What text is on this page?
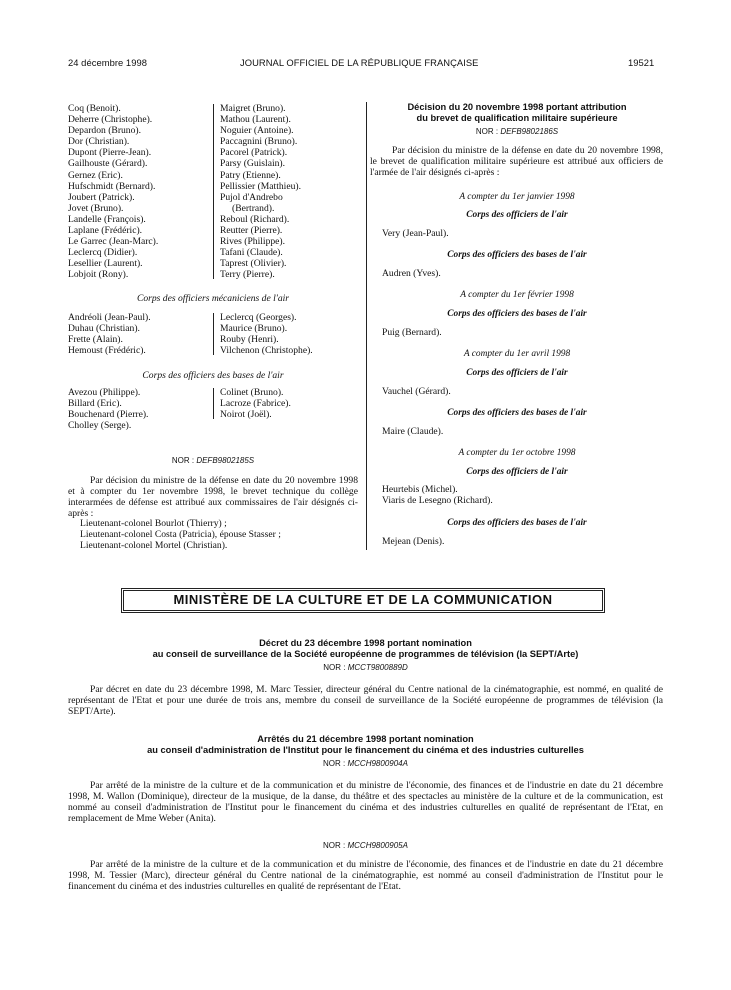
24 décembre 1998	JOURNAL OFFICIEL DE LA RÉPUBLIQUE FRANÇAISE	19521
Coq (Benoit).
Deherre (Christophe).
Depardon (Bruno).
Dor (Christian).
Dupont (Pierre-Jean).
Gailhouste (Gérard).
Gernez (Eric).
Hufschmidt (Bernard).
Joubert (Patrick).
Jovet (Bruno).
Landelle (François).
Laplane (Frédéric).
Le Garrec (Jean-Marc).
Leclercq (Didier).
Lesellier (Laurent).
Lobjoit (Rony).
Maigret (Bruno).
Mathou (Laurent).
Noguier (Antoine).
Paccagnini (Bruno).
Pacorel (Patrick).
Parsy (Guislain).
Patry (Etienne).
Pellissier (Matthieu).
Pujol d'Andrebo
(Bertrand).
Reboul (Richard).
Reutter (Pierre).
Rives (Philippe).
Tafani (Claude).
Taprest (Olivier).
Terry (Pierre).
Corps des officiers mécaniciens de l'air
Andréoli (Jean-Paul).
Duhau (Christian).
Frette (Alain).
Hemoust (Frédéric).
Leclercq (Georges).
Maurice (Bruno).
Rouby (Henri).
Vilchenon (Christophe).
Corps des officiers des bases de l'air
Avezou (Philippe).
Billard (Eric).
Bouchenard (Pierre).
Cholley (Serge).
Colinet (Bruno).
Lacroze (Fabrice).
Noirot (Joël).
NOR : DEFB9802185S

Par décision du ministre de la défense en date du 20 novembre 1998 et à compter du 1er novembre 1998, le brevet technique du collège interarmées de défense est attribué aux commissaires de l'air désignés ci-après :

Lieutenant-colonel Bourlot (Thierry) ;
Lieutenant-colonel Costa (Patricia), épouse Stasser ;
Lieutenant-colonel Mortel (Christian).
Décision du 20 novembre 1998 portant attribution
du brevet de qualification militaire supérieure
NOR : DEFB9802186S

Par décision du ministre de la défense en date du 20 novembre 1998, le brevet de qualification militaire supérieure est attribué aux officiers de l'armée de l'air désignés ci-après :

A compter du 1er janvier 1998
Corps des officiers de l'air
Very (Jean-Paul).
Corps des officiers des bases de l'air
Audren (Yves).
A compter du 1er février 1998
Corps des officiers des bases de l'air
Puig (Bernard).
A compter du 1er avril 1998
Corps des officiers de l'air
Vauchel (Gérard).
Corps des officiers des bases de l'air
Maire (Claude).
A compter du 1er octobre 1998
Corps des officiers de l'air
Heurtebis (Michel).
Viaris de Lesegno (Richard).
Corps des officiers des bases de l'air
Mejean (Denis).
MINISTÈRE DE LA CULTURE ET DE LA COMMUNICATION
Décret du 23 décembre 1998 portant nomination
au conseil de surveillance de la Société européenne de programmes de télévision (la SEPT/Arte)
NOR : MCCT9800889D

Par décret en date du 23 décembre 1998, M. Marc Tessier, directeur général du Centre national de la cinématographie, est nommé, en qualité de représentant de l'Etat et pour une durée de trois ans, membre du conseil de surveillance de la Société européenne de programmes de télévision (la SEPT/Arte).

Arrêtés du 21 décembre 1998 portant nomination
au conseil d'administration de l'Institut pour le financement du cinéma et des industries culturelles
NOR : MCCH9800904A

Par arrêté de la ministre de la culture et de la communication et du ministre de l'économie, des finances et de l'industrie en date du 21 décembre 1998, M. Wallon (Dominique), directeur de la musique, de la danse, du théâtre et des spectacles au ministère de la culture et de la communication, est nommé au conseil d'administration de l'Institut pour le financement du cinéma et des industries culturelles en qualité de représentant de l'Etat, en remplacement de Mme Weber (Anita).

NOR : MCCH9800905A

Par arrêté de la ministre de la culture et de la communication et du ministre de l'économie, des finances et de l'industrie en date du 21 décembre 1998, M. Tessier (Marc), directeur général du Centre national de la cinématographie, est nommé au conseil d'administration de l'Institut pour le financement du cinéma et des industries culturelles en qualité de représentant de l'Etat.
